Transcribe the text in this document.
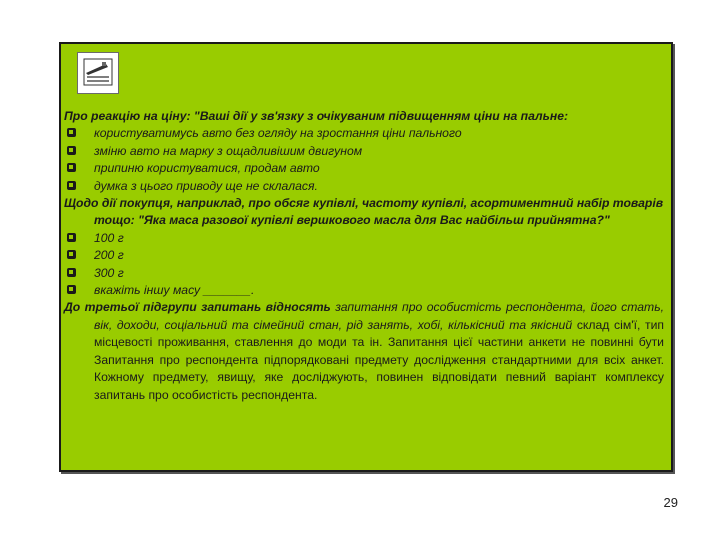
Про реакцію на ціну: "Ваші дії у зв'язку з очікуваним підвищенням ціни на пальне:

користуватимусь авто без огляду на зростання ціни пального
зміню авто на марку з ощадливішим двигуном
припиню користуватися, продам авто
думка з цього приводу ще не склалася.

Щодо дії покупця, наприклад, про обсяг купівлі, частоту купівлі, асортиментний набір товарів тощо: "Яка маса разової купівлі вершкового масла для Вас найбільш прийнятна?"

100 г
200 г
300 г
вкажіть іншу масу _______.

До третьої підгрупи запитань відносять запитання про особистість респондента, його стать, вік, доходи, соціальний та сімейний стан, рід занять, хобі, кількісний та якісний склад сім'ї, тип місцевості проживання, ставлення до моди та ін. Запитання цієї частини анкети не повинні бути Запитання про респондента підпорядковані предмету дослідження стандартними для всіх анкет. Кожному предмету, явищу, яке досліджують, повинен відповідати певний варіант комплексу запитань про особистість респондента.

29
